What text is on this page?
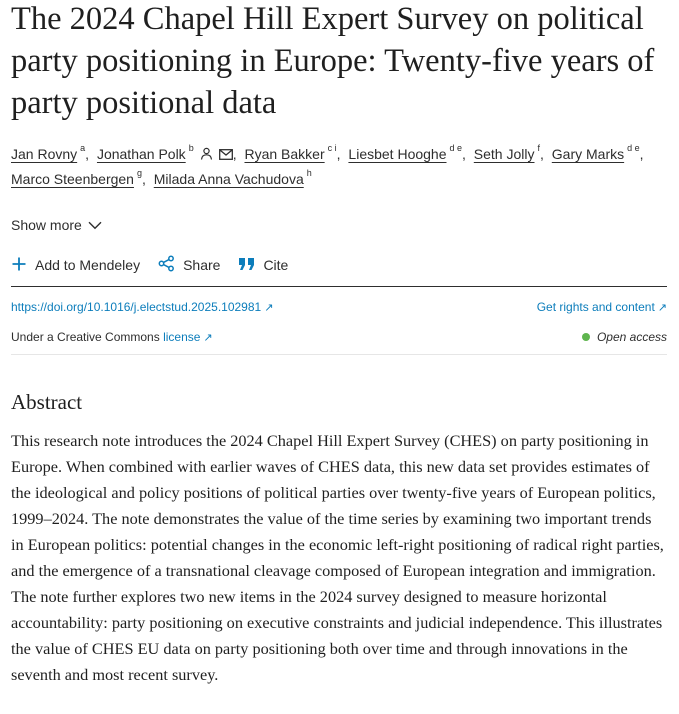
The 2024 Chapel Hill Expert Survey on political party positioning in Europe: Twenty-five years of party positional data
Jan Rovny $^a$, Jonathan Polk $^b$	, Ryan Bakker $^{c i}$, Liesbet Hooghe $^{d e}$, Seth Jolly $^f$, Gary Marks $^{d e}$, Marco Steenbergen $^g$, Milada Anna Vachudova $^h$
Show more
Add to Mendeley	Share	Cite
https://doi.org/10.1016/j.electstud.2025.102981 ↗	Get rights and content ↗
Under a Creative Commons license ↗	Open access
Abstract

This research note introduces the 2024 Chapel Hill Expert Survey (CHES) on party positioning in Europe. When combined with earlier waves of CHES data, this new data set provides estimates of the ideological and policy positions of political parties over twenty-five years of European politics, 1999–2024. The note demonstrates the value of the time series by examining two important trends in European politics: potential changes in the economic left-right positioning of radical right parties, and the emergence of a transnational cleavage composed of European integration and immigration. The note further explores two new items in the 2024 survey designed to measure horizontal accountability: party positioning on executive constraints and judicial independence. This illustrates the value of CHES EU data on party positioning both over time and through innovations in the seventh and most recent survey.
